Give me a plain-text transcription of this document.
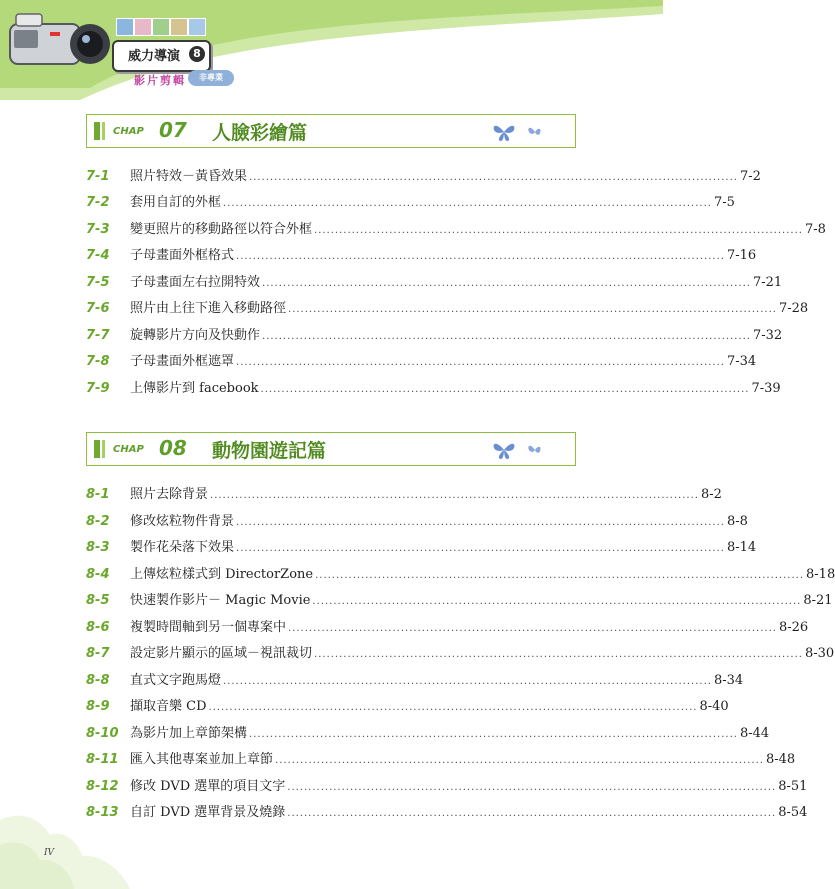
威力導演	8
影片剪輯	非專業
CHAP 07 人臉彩繪篇
7-1	照片特效－黃昏效果 ..................................................................................................................... 7-2
7-2	套用自訂的外框 ..................................................................................................................... 7-5
7-3	變更照片的移動路徑以符合外框 ..................................................................................................................... 7-8
7-4	子母畫面外框格式 ..................................................................................................................... 7-16
7-5	子母畫面左右拉開特效 ..................................................................................................................... 7-21
7-6	照片由上往下進入移動路徑 ..................................................................................................................... 7-28
7-7	旋轉影片方向及快動作 ..................................................................................................................... 7-32
7-8	子母畫面外框遮罩 ..................................................................................................................... 7-34
7-9	上傳影片到 facebook ..................................................................................................................... 7-39
CHAP 08 動物園遊記篇
8-1	照片去除背景 ..................................................................................................................... 8-2
8-2	修改炫粒物件背景 ..................................................................................................................... 8-8
8-3	製作花朵落下效果 ..................................................................................................................... 8-14
8-4	上傳炫粒樣式到 DirectorZone ..................................................................................................................... 8-18
8-5	快速製作影片－ Magic Movie ..................................................................................................................... 8-21
8-6	複製時間軸到另一個專案中 ..................................................................................................................... 8-26
8-7	設定影片顯示的區域－視訊裁切 ..................................................................................................................... 8-30
8-8	直式文字跑馬燈 ..................................................................................................................... 8-34
8-9	擷取音樂 CD ..................................................................................................................... 8-40
8-10 為影片加上章節架構 ..................................................................................................................... 8-44
8-11 匯入其他專案並加上章節 ..................................................................................................................... 8-48
8-12 修改 DVD 選單的項目文字 ..................................................................................................................... 8-51
8-13 自訂 DVD 選單背景及燒錄 ..................................................................................................................... 8-54
IV
